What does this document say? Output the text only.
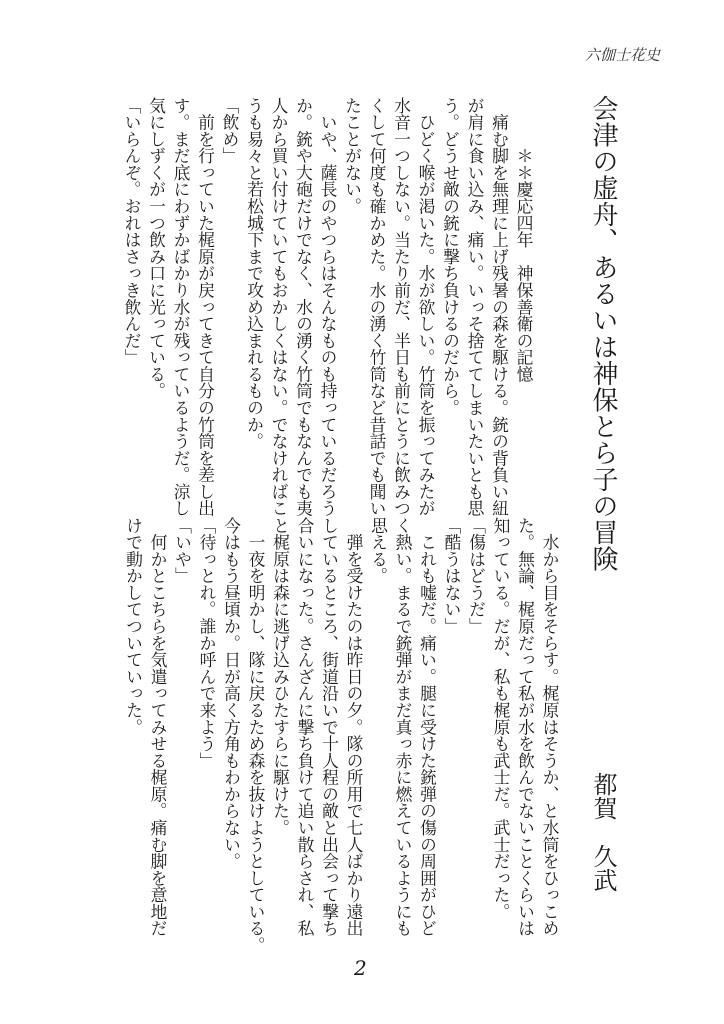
六伽士花史
会津の虚舟、あるいは神保とら子の冒険
都賀　久武
　　　＊＊慶応四年　神保善衛の記憶
　痛む脚を無理に上げ残暑の森を駆ける。銃の背負い紐
が肩に食い込み、痛い。いっそ捨ててしまいたいとも思
う。どうせ敵の銃に撃ち負けるのだから。
　ひどく喉が渇いた。水が欲しい。竹筒を振ってみたが
水音一つしない。当たり前だ、半日も前にとうに飲みつ
くして何度も確かめた。水の湧く竹筒など昔話でも聞い
たことがない。
　いや、薩長のやつらはそんなものも持っているだろう
か。銃や大砲だけでなく、水の湧く竹筒でもなんでも夷
人から買い付けていてもおかしくはない。でなければこ
うも易々と若松城下まで攻め込まれるものか。
「飲め」
　前を行っていた梶原が戻ってきて自分の竹筒を差し出
す。まだ底にわずかばかり水が残っているようだ。涼し
気にしずくが一つ飲み口に光っている。
「いらんぞ。おれはさっき飲んだ」
　水から目をそらす。梶原はそうか、と水筒をひっこめ
た。無論、梶原だって私が水を飲んでないことくらいは
知っている。だが、私も梶原も武士だ。武士だった。
「傷はどうだ」
「酷うはない」
　これも嘘だ。痛い。腿に受けた銃弾の傷の周囲がひど
く熱い。まるで銃弾がまだ真っ赤に燃えているようにも
思える。
　弾を受けたのは昨日の夕。隊の所用で七人ばかり遠出
しているところ、街道沿いで十人程の敵と出会って撃ち
合いになった。さんざんに撃ち負けて追い散らされ、私
と梶原は森に逃げ込みひたすらに駆けた。
　一夜を明かし、隊に戻るため森を抜けようとしている。
今はもう昼頃か。日が高く方角もわからない。
「待っとれ。誰か呼んで来よう」
「いや」
　何かとこちらを気遣ってみせる梶原。痛む脚を意地だ
けで動かしてついていった。
2
